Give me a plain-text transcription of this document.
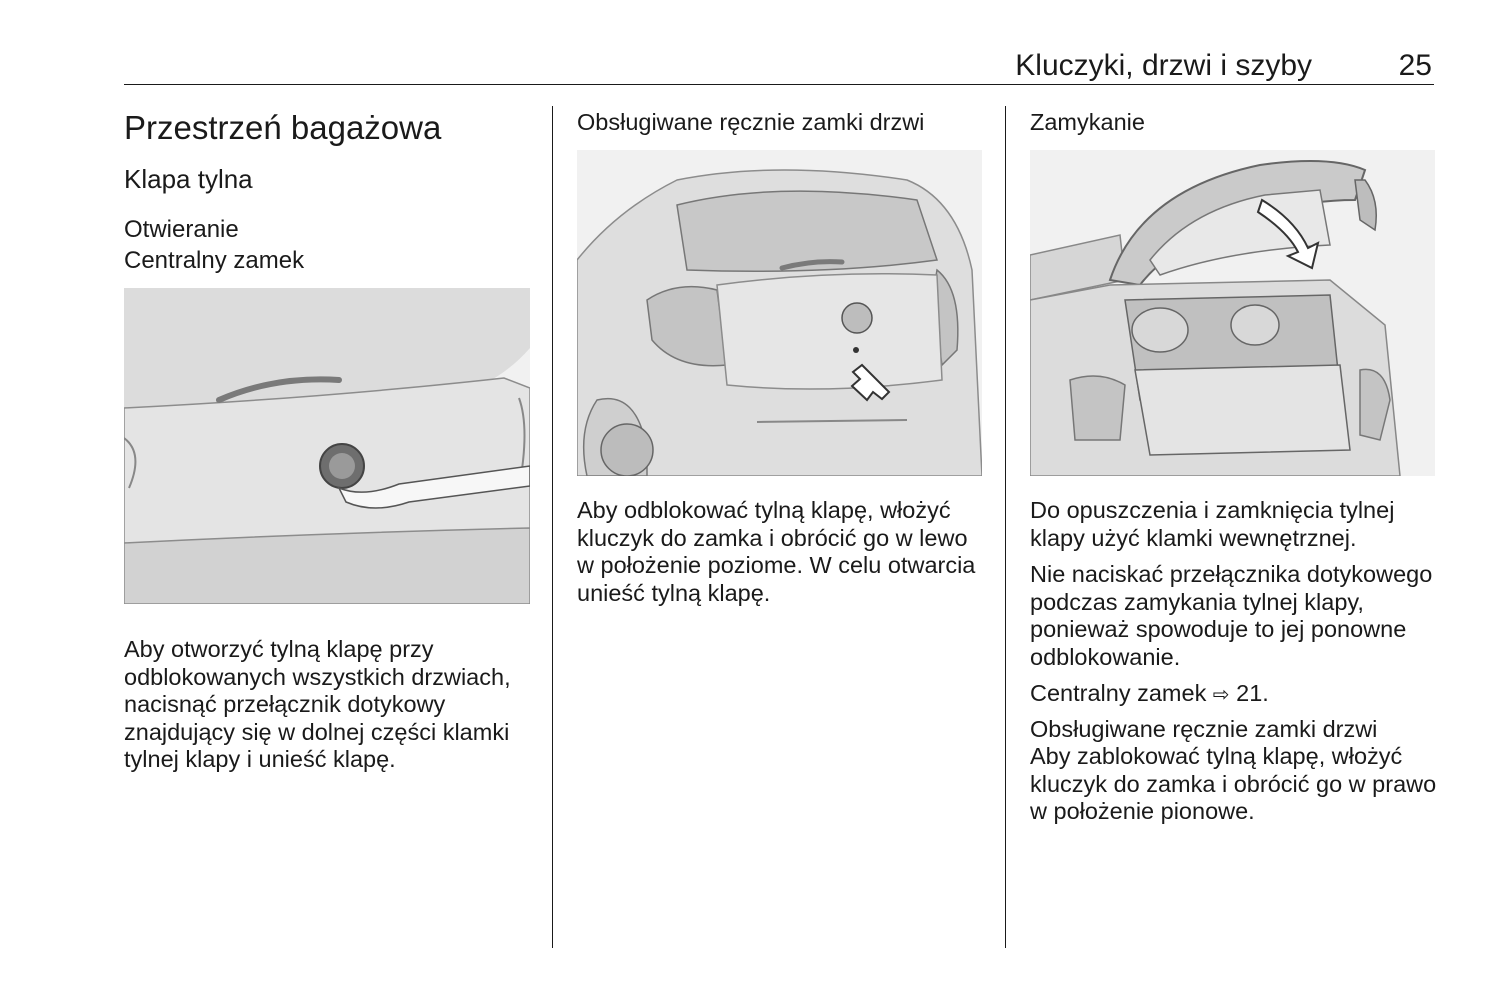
Kluczyki, drzwi i szyby	25
Przestrzeń bagażowa
Klapa tylna
Otwieranie
Centralny zamek

Aby otworzyć tylną klapę przy odblokowanych wszystkich drzwiach, nacisnąć przełącznik dotykowy znajdujący się w dolnej części klamki tylnej klapy i unieść klapę.

Obsługiwane ręcznie zamki drzwi

Aby odblokować tylną klapę, włożyć kluczyk do zamka i obrócić go w lewo w położenie poziome. W celu otwarcia unieść tylną klapę.

Zamykanie

Do opuszczenia i zamknięcia tylnej klapy użyć klamki wewnętrznej.

Nie naciskać przełącznika dotykowego podczas zamykania tylnej klapy, ponieważ spowoduje to jej ponowne odblokowanie.

Centralny zamek ⇨ 21.

Obsługiwane ręcznie zamki drzwi

Aby zablokować tylną klapę, włożyć kluczyk do zamka i obrócić go w prawo w położenie pionowe.
